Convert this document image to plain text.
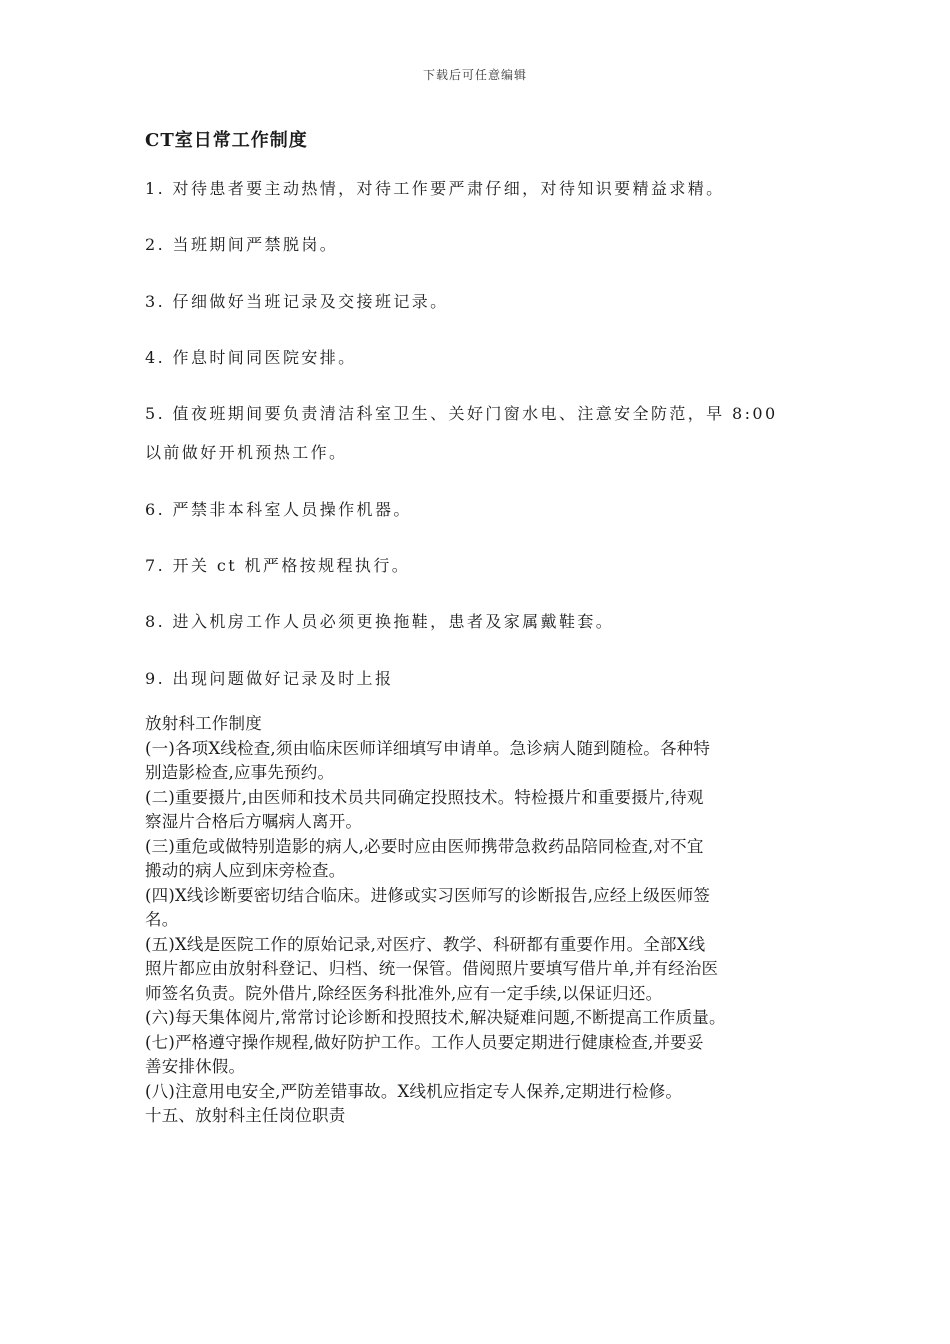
下载后可任意编辑
CT室日常工作制度
1. 对待患者要主动热情，对待工作要严肃仔细，对待知识要精益求精。
2. 当班期间严禁脱岗。
3. 仔细做好当班记录及交接班记录。
4. 作息时间同医院安排。
5. 值夜班期间要负责清洁科室卫生、关好门窗水电、注意安全防范，早 8:00
以前做好开机预热工作。
6. 严禁非本科室人员操作机器。
7. 开关 ct 机严格按规程执行。
8. 进入机房工作人员必须更换拖鞋，患者及家属戴鞋套。
9. 出现问题做好记录及时上报
放射科工作制度
(一)各项X线检查,须由临床医师详细填写申请单。急诊病人随到随检。各种特
别造影检查,应事先预约。
(二)重要摄片,由医师和技术员共同确定投照技术。特检摄片和重要摄片,待观
察湿片合格后方嘱病人离开。
(三)重危或做特别造影的病人,必要时应由医师携带急救药品陪同检查,对不宜
搬动的病人应到床旁检查。
(四)X线诊断要密切结合临床。进修或实习医师写的诊断报告,应经上级医师签
名。
(五)X线是医院工作的原始记录,对医疗、教学、科研都有重要作用。全部X线
照片都应由放射科登记、归档、统一保管。借阅照片要填写借片单,并有经治医
师签名负责。院外借片,除经医务科批准外,应有一定手续,以保证归还。
(六)每天集体阅片,常常讨论诊断和投照技术,解决疑难问题,不断提高工作质量。
(七)严格遵守操作规程,做好防护工作。工作人员要定期进行健康检查,并要妥
善安排休假。
(八)注意用电安全,严防差错事故。X线机应指定专人保养,定期进行检修。
十五、放射科主任岗位职责
